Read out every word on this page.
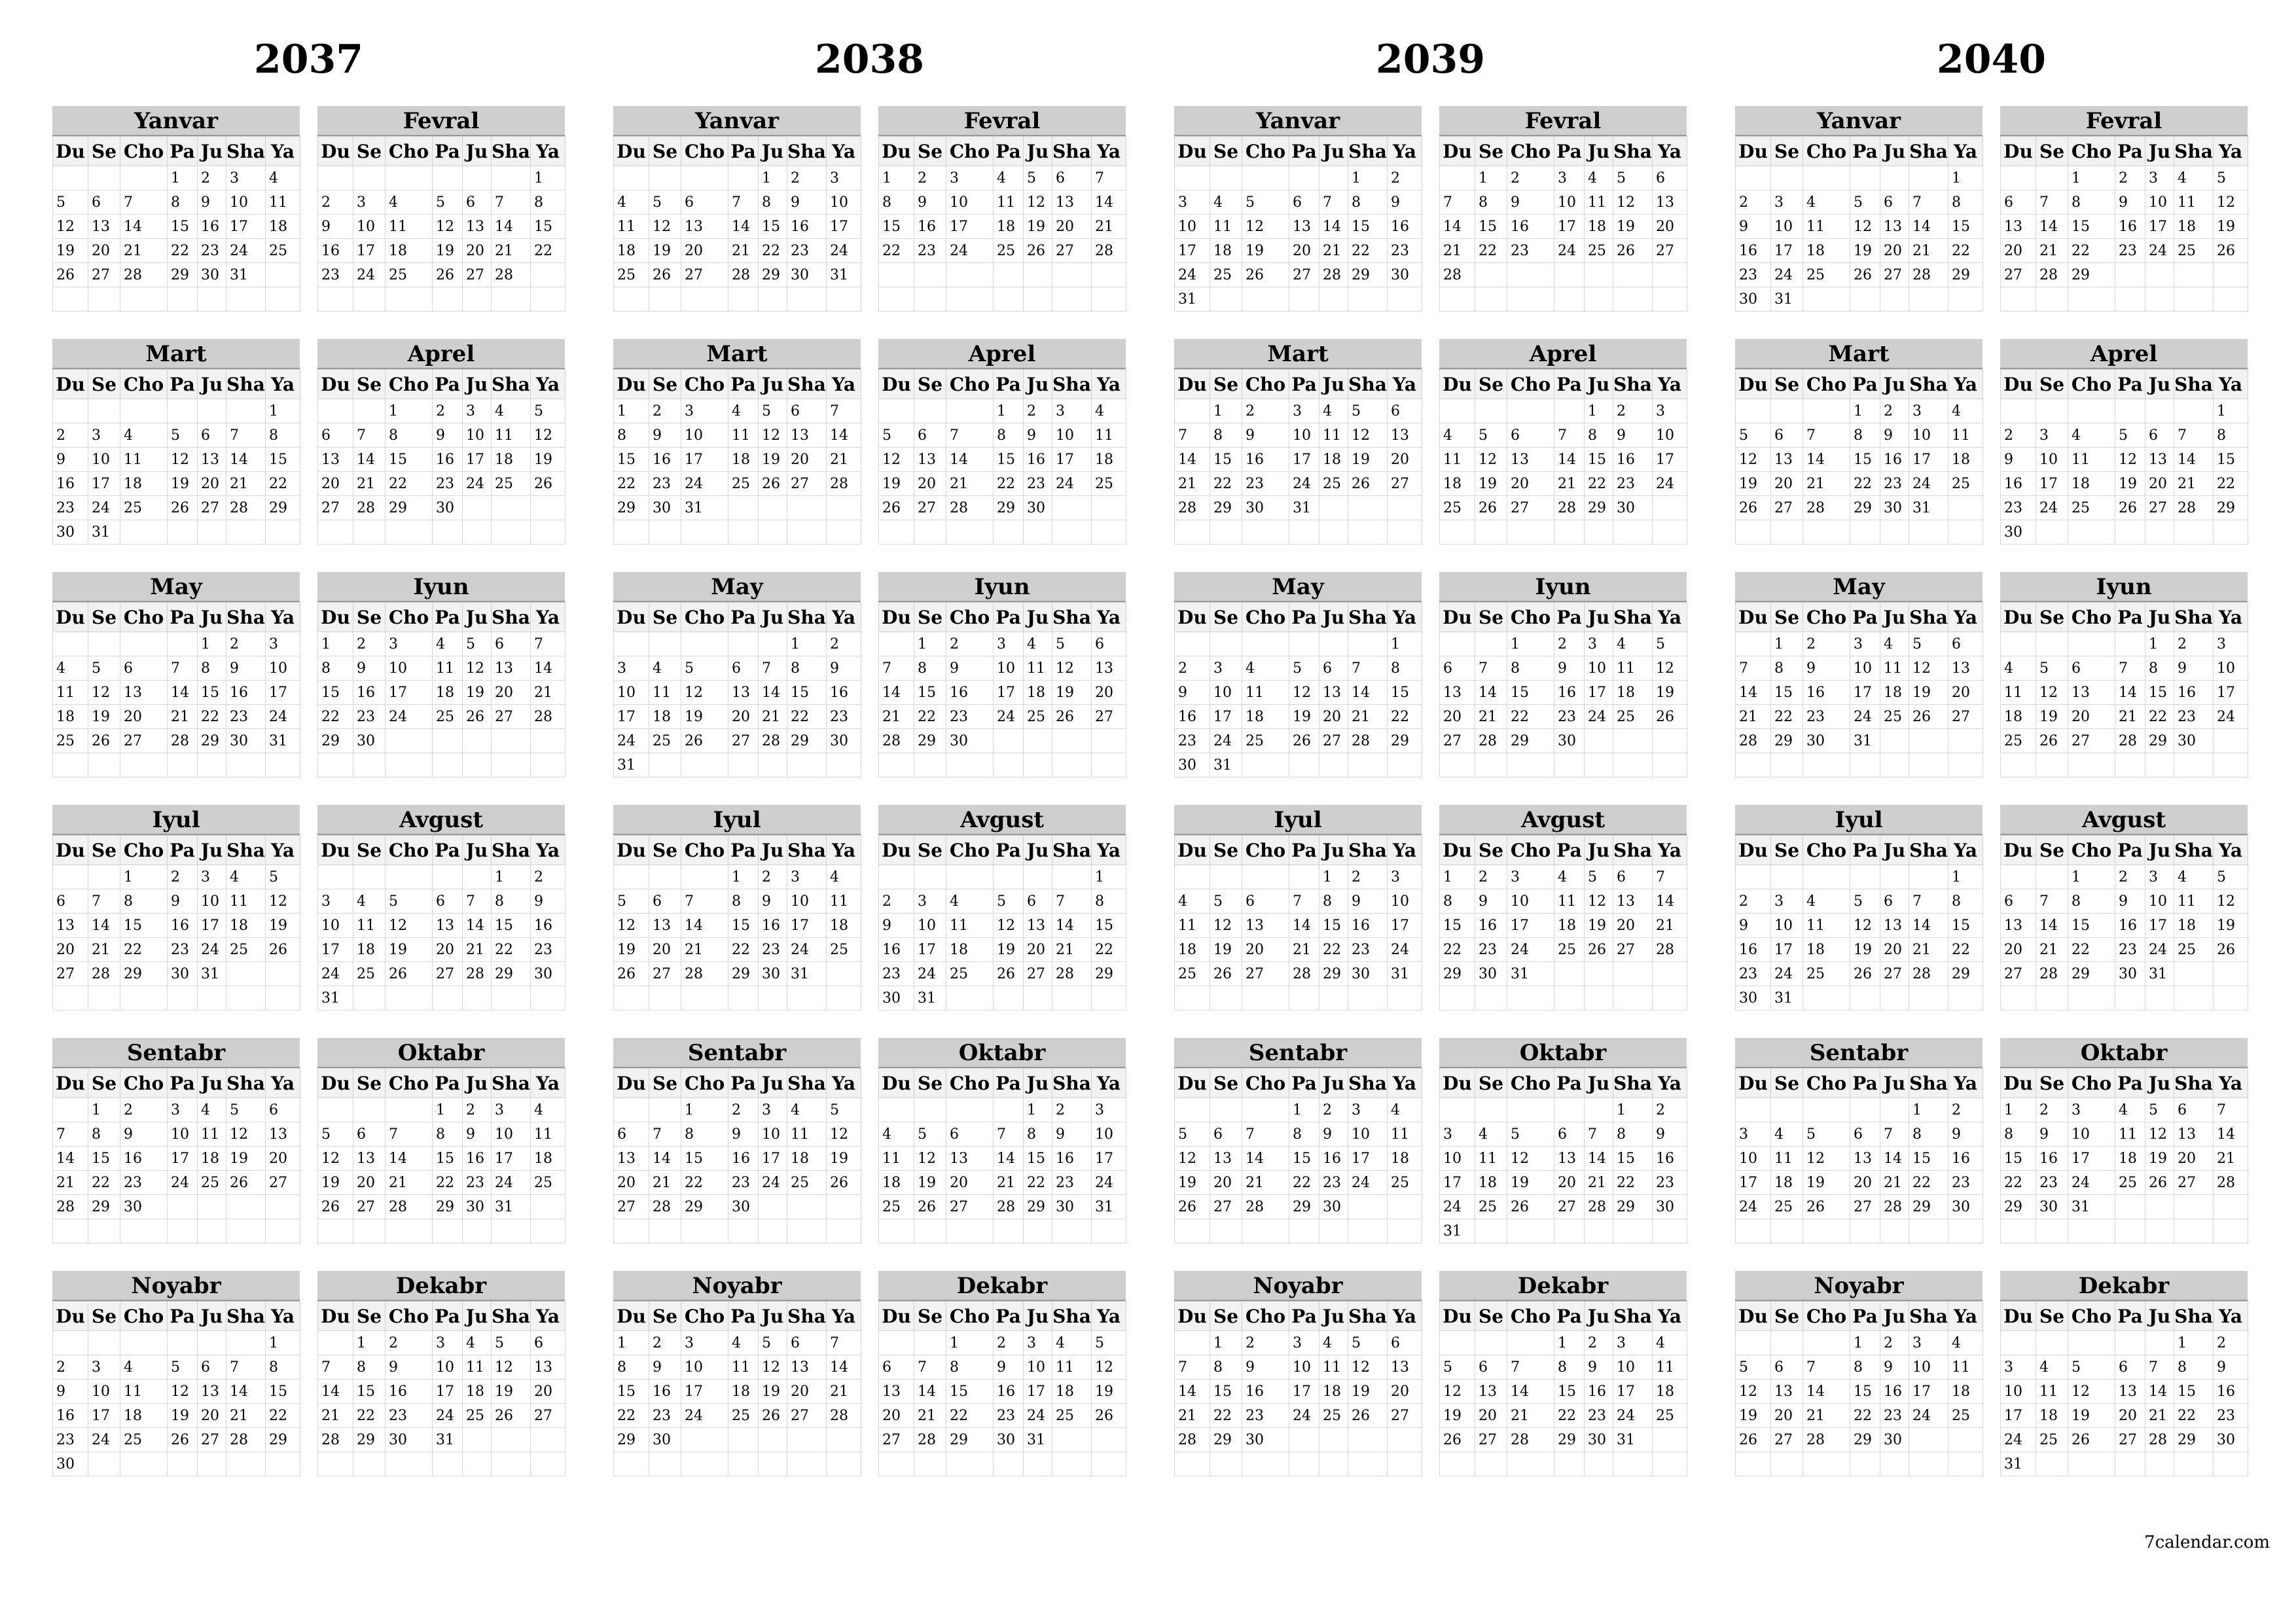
2037
Yanvar
Du	Se	Cho	Pa	Ju	Sha	Ya
			1	2	3	4
5	6	7	8	9	10	11
12	13	14	15	16	17	18
19	20	21	22	23	24	25
26	27	28	29	30	31	

Fevral
Du	Se	Cho	Pa	Ju	Sha	Ya
						1
2	3	4	5	6	7	8
9	10	11	12	13	14	15
16	17	18	19	20	21	22
23	24	25	26	27	28	

Mart
Du	Se	Cho	Pa	Ju	Sha	Ya
						1
2	3	4	5	6	7	8
9	10	11	12	13	14	15
16	17	18	19	20	21	22
23	24	25	26	27	28	29
30	31					
Aprel
Du	Se	Cho	Pa	Ju	Sha	Ya
		1	2	3	4	5
6	7	8	9	10	11	12
13	14	15	16	17	18	19
20	21	22	23	24	25	26
27	28	29	30			

May
Du	Se	Cho	Pa	Ju	Sha	Ya
				1	2	3
4	5	6	7	8	9	10
11	12	13	14	15	16	17
18	19	20	21	22	23	24
25	26	27	28	29	30	31

Iyun
Du	Se	Cho	Pa	Ju	Sha	Ya
1	2	3	4	5	6	7
8	9	10	11	12	13	14
15	16	17	18	19	20	21
22	23	24	25	26	27	28
29	30					

Iyul
Du	Se	Cho	Pa	Ju	Sha	Ya
		1	2	3	4	5
6	7	8	9	10	11	12
13	14	15	16	17	18	19
20	21	22	23	24	25	26
27	28	29	30	31		

Avgust
Du	Se	Cho	Pa	Ju	Sha	Ya
					1	2
3	4	5	6	7	8	9
10	11	12	13	14	15	16
17	18	19	20	21	22	23
24	25	26	27	28	29	30
31						
Sentabr
Du	Se	Cho	Pa	Ju	Sha	Ya
	1	2	3	4	5	6
7	8	9	10	11	12	13
14	15	16	17	18	19	20
21	22	23	24	25	26	27
28	29	30				

Oktabr
Du	Se	Cho	Pa	Ju	Sha	Ya
			1	2	3	4
5	6	7	8	9	10	11
12	13	14	15	16	17	18
19	20	21	22	23	24	25
26	27	28	29	30	31	

Noyabr
Du	Se	Cho	Pa	Ju	Sha	Ya
						1
2	3	4	5	6	7	8
9	10	11	12	13	14	15
16	17	18	19	20	21	22
23	24	25	26	27	28	29
30						
Dekabr
Du	Se	Cho	Pa	Ju	Sha	Ya
	1	2	3	4	5	6
7	8	9	10	11	12	13
14	15	16	17	18	19	20
21	22	23	24	25	26	27
28	29	30	31			

2038
Yanvar
Du	Se	Cho	Pa	Ju	Sha	Ya
				1	2	3
4	5	6	7	8	9	10
11	12	13	14	15	16	17
18	19	20	21	22	23	24
25	26	27	28	29	30	31

Fevral
Du	Se	Cho	Pa	Ju	Sha	Ya
1	2	3	4	5	6	7
8	9	10	11	12	13	14
15	16	17	18	19	20	21
22	23	24	25	26	27	28

Mart
Du	Se	Cho	Pa	Ju	Sha	Ya
1	2	3	4	5	6	7
8	9	10	11	12	13	14
15	16	17	18	19	20	21
22	23	24	25	26	27	28
29	30	31				

Aprel
Du	Se	Cho	Pa	Ju	Sha	Ya
			1	2	3	4
5	6	7	8	9	10	11
12	13	14	15	16	17	18
19	20	21	22	23	24	25
26	27	28	29	30		

May
Du	Se	Cho	Pa	Ju	Sha	Ya
					1	2
3	4	5	6	7	8	9
10	11	12	13	14	15	16
17	18	19	20	21	22	23
24	25	26	27	28	29	30
31						
Iyun
Du	Se	Cho	Pa	Ju	Sha	Ya
	1	2	3	4	5	6
7	8	9	10	11	12	13
14	15	16	17	18	19	20
21	22	23	24	25	26	27
28	29	30				

Iyul
Du	Se	Cho	Pa	Ju	Sha	Ya
			1	2	3	4
5	6	7	8	9	10	11
12	13	14	15	16	17	18
19	20	21	22	23	24	25
26	27	28	29	30	31	

Avgust
Du	Se	Cho	Pa	Ju	Sha	Ya
						1
2	3	4	5	6	7	8
9	10	11	12	13	14	15
16	17	18	19	20	21	22
23	24	25	26	27	28	29
30	31					
Sentabr
Du	Se	Cho	Pa	Ju	Sha	Ya
		1	2	3	4	5
6	7	8	9	10	11	12
13	14	15	16	17	18	19
20	21	22	23	24	25	26
27	28	29	30			

Oktabr
Du	Se	Cho	Pa	Ju	Sha	Ya
				1	2	3
4	5	6	7	8	9	10
11	12	13	14	15	16	17
18	19	20	21	22	23	24
25	26	27	28	29	30	31

Noyabr
Du	Se	Cho	Pa	Ju	Sha	Ya
1	2	3	4	5	6	7
8	9	10	11	12	13	14
15	16	17	18	19	20	21
22	23	24	25	26	27	28
29	30					

Dekabr
Du	Se	Cho	Pa	Ju	Sha	Ya
		1	2	3	4	5
6	7	8	9	10	11	12
13	14	15	16	17	18	19
20	21	22	23	24	25	26
27	28	29	30	31		

2039
Yanvar
Du	Se	Cho	Pa	Ju	Sha	Ya
					1	2
3	4	5	6	7	8	9
10	11	12	13	14	15	16
17	18	19	20	21	22	23
24	25	26	27	28	29	30
31						
Fevral
Du	Se	Cho	Pa	Ju	Sha	Ya
	1	2	3	4	5	6
7	8	9	10	11	12	13
14	15	16	17	18	19	20
21	22	23	24	25	26	27
28						

Mart
Du	Se	Cho	Pa	Ju	Sha	Ya
	1	2	3	4	5	6
7	8	9	10	11	12	13
14	15	16	17	18	19	20
21	22	23	24	25	26	27
28	29	30	31			

Aprel
Du	Se	Cho	Pa	Ju	Sha	Ya
				1	2	3
4	5	6	7	8	9	10
11	12	13	14	15	16	17
18	19	20	21	22	23	24
25	26	27	28	29	30	

May
Du	Se	Cho	Pa	Ju	Sha	Ya
						1
2	3	4	5	6	7	8
9	10	11	12	13	14	15
16	17	18	19	20	21	22
23	24	25	26	27	28	29
30	31					
Iyun
Du	Se	Cho	Pa	Ju	Sha	Ya
		1	2	3	4	5
6	7	8	9	10	11	12
13	14	15	16	17	18	19
20	21	22	23	24	25	26
27	28	29	30			

Iyul
Du	Se	Cho	Pa	Ju	Sha	Ya
				1	2	3
4	5	6	7	8	9	10
11	12	13	14	15	16	17
18	19	20	21	22	23	24
25	26	27	28	29	30	31

Avgust
Du	Se	Cho	Pa	Ju	Sha	Ya
1	2	3	4	5	6	7
8	9	10	11	12	13	14
15	16	17	18	19	20	21
22	23	24	25	26	27	28
29	30	31				

Sentabr
Du	Se	Cho	Pa	Ju	Sha	Ya
			1	2	3	4
5	6	7	8	9	10	11
12	13	14	15	16	17	18
19	20	21	22	23	24	25
26	27	28	29	30		

Oktabr
Du	Se	Cho	Pa	Ju	Sha	Ya
					1	2
3	4	5	6	7	8	9
10	11	12	13	14	15	16
17	18	19	20	21	22	23
24	25	26	27	28	29	30
31						
Noyabr
Du	Se	Cho	Pa	Ju	Sha	Ya
	1	2	3	4	5	6
7	8	9	10	11	12	13
14	15	16	17	18	19	20
21	22	23	24	25	26	27
28	29	30				

Dekabr
Du	Se	Cho	Pa	Ju	Sha	Ya
			1	2	3	4
5	6	7	8	9	10	11
12	13	14	15	16	17	18
19	20	21	22	23	24	25
26	27	28	29	30	31	

2040
Yanvar
Du	Se	Cho	Pa	Ju	Sha	Ya
						1
2	3	4	5	6	7	8
9	10	11	12	13	14	15
16	17	18	19	20	21	22
23	24	25	26	27	28	29
30	31					
Fevral
Du	Se	Cho	Pa	Ju	Sha	Ya
		1	2	3	4	5
6	7	8	9	10	11	12
13	14	15	16	17	18	19
20	21	22	23	24	25	26
27	28	29				

Mart
Du	Se	Cho	Pa	Ju	Sha	Ya
			1	2	3	4
5	6	7	8	9	10	11
12	13	14	15	16	17	18
19	20	21	22	23	24	25
26	27	28	29	30	31	

Aprel
Du	Se	Cho	Pa	Ju	Sha	Ya
						1
2	3	4	5	6	7	8
9	10	11	12	13	14	15
16	17	18	19	20	21	22
23	24	25	26	27	28	29
30						
May
Du	Se	Cho	Pa	Ju	Sha	Ya
	1	2	3	4	5	6
7	8	9	10	11	12	13
14	15	16	17	18	19	20
21	22	23	24	25	26	27
28	29	30	31			

Iyun
Du	Se	Cho	Pa	Ju	Sha	Ya
				1	2	3
4	5	6	7	8	9	10
11	12	13	14	15	16	17
18	19	20	21	22	23	24
25	26	27	28	29	30	

Iyul
Du	Se	Cho	Pa	Ju	Sha	Ya
						1
2	3	4	5	6	7	8
9	10	11	12	13	14	15
16	17	18	19	20	21	22
23	24	25	26	27	28	29
30	31					
Avgust
Du	Se	Cho	Pa	Ju	Sha	Ya
		1	2	3	4	5
6	7	8	9	10	11	12
13	14	15	16	17	18	19
20	21	22	23	24	25	26
27	28	29	30	31		

Sentabr
Du	Se	Cho	Pa	Ju	Sha	Ya
					1	2
3	4	5	6	7	8	9
10	11	12	13	14	15	16
17	18	19	20	21	22	23
24	25	26	27	28	29	30

Oktabr
Du	Se	Cho	Pa	Ju	Sha	Ya
1	2	3	4	5	6	7
8	9	10	11	12	13	14
15	16	17	18	19	20	21
22	23	24	25	26	27	28
29	30	31				

Noyabr
Du	Se	Cho	Pa	Ju	Sha	Ya
			1	2	3	4
5	6	7	8	9	10	11
12	13	14	15	16	17	18
19	20	21	22	23	24	25
26	27	28	29	30		

Dekabr
Du	Se	Cho	Pa	Ju	Sha	Ya
					1	2
3	4	5	6	7	8	9
10	11	12	13	14	15	16
17	18	19	20	21	22	23
24	25	26	27	28	29	30
31						
7calendar.com
